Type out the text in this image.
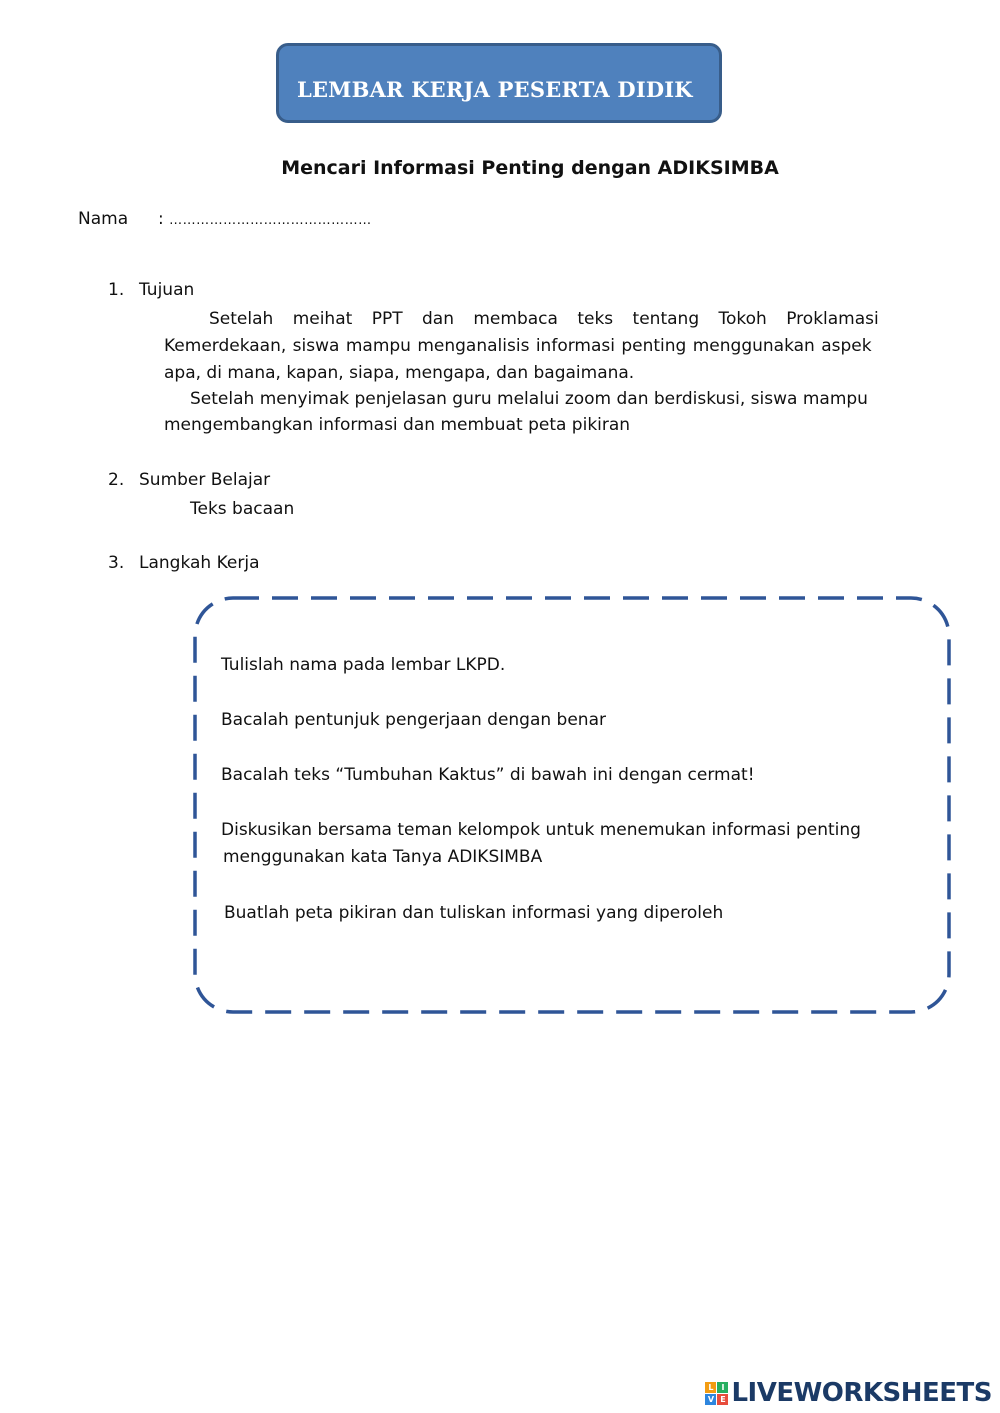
LEMBAR KERJA PESERTA DIDIK
Mencari Informasi Penting dengan ADIKSIMBA
Nama : ………………………………………
1. Tujuan
Setelah meihat PPT dan membaca teks tentang Tokoh Proklamasi
Kemerdekaan, siswa mampu menganalisis informasi penting menggunakan aspek
apa, di mana, kapan, siapa, mengapa, dan bagaimana.
Setelah menyimak penjelasan guru melalui zoom dan berdiskusi, siswa mampu
mengembangkan informasi dan membuat peta pikiran
2. Sumber Belajar
Teks bacaan
3. Langkah Kerja
Tulislah nama pada lembar LKPD.
Bacalah pentunjuk pengerjaan dengan benar
Bacalah teks “Tumbuhan Kaktus” di bawah ini dengan cermat!
Diskusikan bersama teman kelompok untuk menemukan informasi penting
menggunakan kata Tanya ADIKSIMBA
Buatlah peta pikiran dan tuliskan informasi yang diperoleh
L I
V E LIVEWORKSHEETS
